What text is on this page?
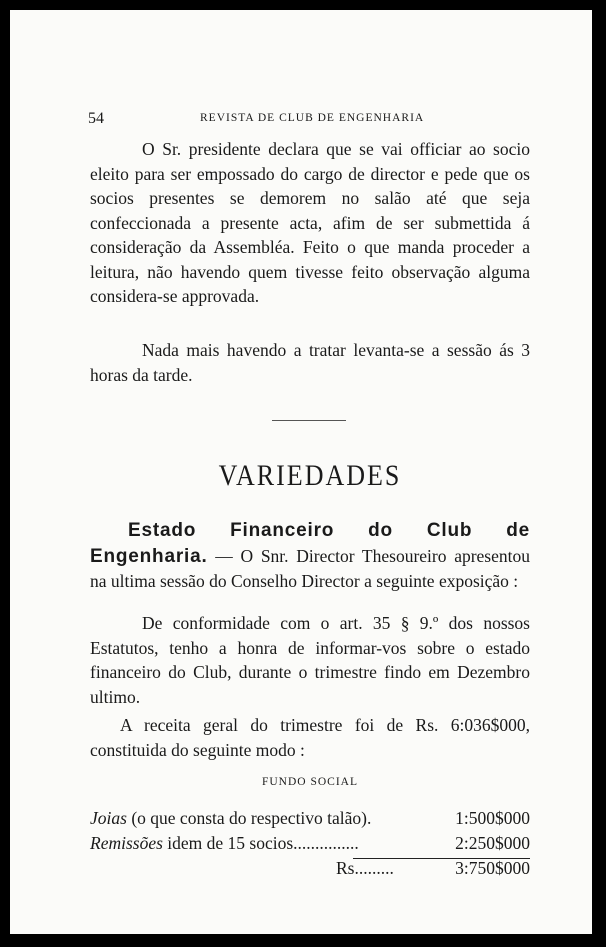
54	REVISTA DE CLUB DE ENGENHARIA

O Sr. presidente declara que se vai officiar ao socio eleito para ser empossado do cargo de director e pede que os socios presentes se demorem no salão até que seja confeccionada a presente acta, afim de ser submettida á consideração da Assembléa. Feito o que manda proceder a leitura, não havendo quem tivesse feito observação alguma considera-se approvada.

Nada mais havendo a tratar levanta-se a sessão ás 3 horas da tarde.

VARIEDADES

Estado Financeiro do Club de Engenharia. — O Snr. Director Thesoureiro apresentou na ultima sessão do Conselho Director a seguinte exposição :

De conformidade com o art. 35 § 9.º dos nossos Estatutos, tenho a honra de informar-vos sobre o estado financeiro do Club, durante o trimestre findo em Dezembro ultimo.

A receita geral do trimestre foi de Rs. 6:036$000, constituida do seguinte modo :

FUNDO SOCIAL
Joias (o que consta do respectivo talão).	1:500$000
Remissões idem de 15 socios...............	2:250$000
Rs.........	3:750$000
